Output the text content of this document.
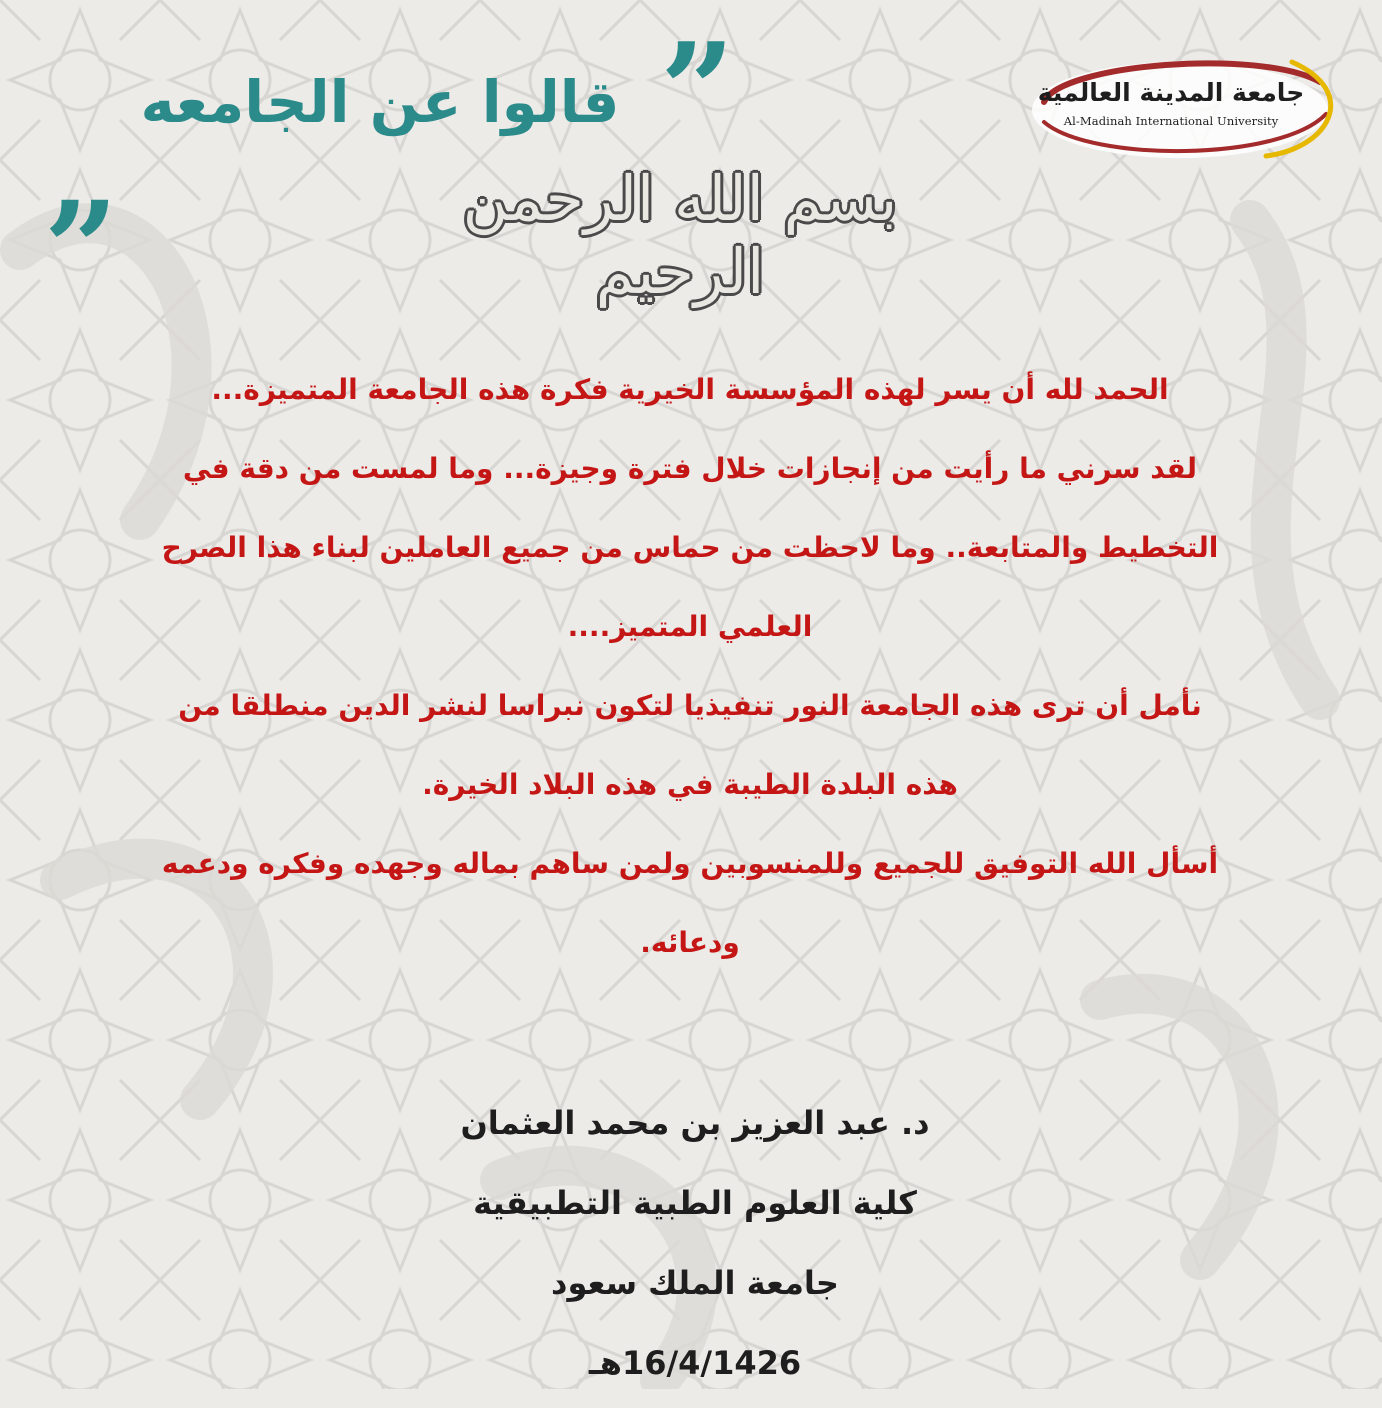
جامعة المدينة العالمية
Al-Madinah International University
”
قالوا عن الجامعه
„	بسم الله الرحمن الرحيم
الحمد لله أن يسر لهذه المؤسسة الخيرية فكرة هذه الجامعة المتميزة...
لقد سرني ما رأيت من إنجازات خلال فترة وجيزة... وما لمست من دقة في
التخطيط والمتابعة.. وما لاحظت من حماس من جميع العاملين لبناء هذا الصرح
العلمي المتميز....
نأمل أن ترى هذه الجامعة النور تنفيذيا لتكون نبراسا لنشر الدين منطلقا من
هذه البلدة الطيبة في هذه البلاد الخيرة.
أسأل الله التوفيق للجميع وللمنسوبين ولمن ساهم بماله وجهده وفكره ودعمه
ودعائه.
د. عبد العزيز بن محمد العثمان
كلية العلوم الطبية التطبيقية
جامعة الملك سعود
16/4/1426هـ
